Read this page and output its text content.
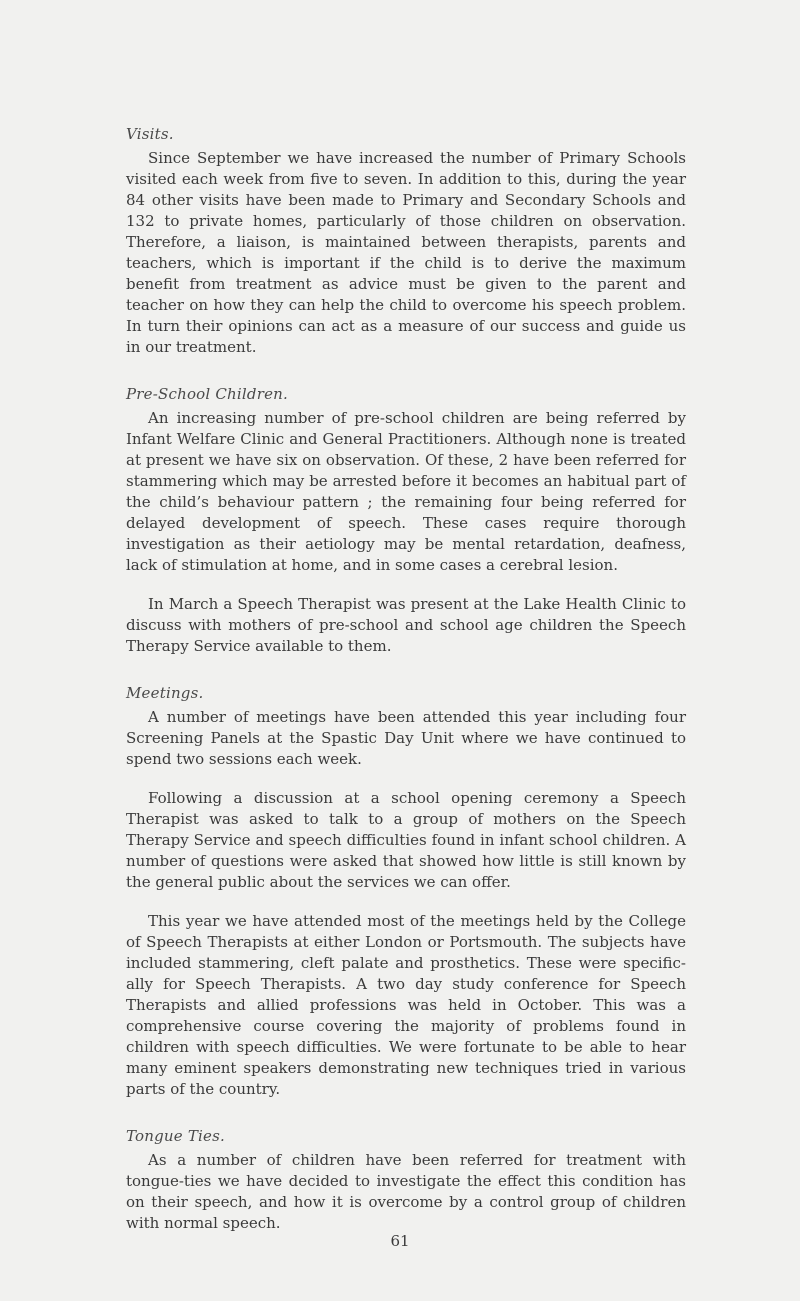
Visits.

Since September we have increased the number of Primary Schools visited each week from five to seven. In addition to this, during the year 84 other visits have been made to Primary and Secondary Schools and 132 to private homes, particularly of those children on observation. Therefore, a liaison, is maintained between therapists, parents and teachers, which is important if the child is to derive the maximum benefit from treatment as advice must be given to the parent and teacher on how they can help the child to overcome his speech problem. In turn their opinions can act as a measure of our success and guide us in our treatment.

Pre-School Children.

An increasing number of pre-school children are being referred by Infant Welfare Clinic and General Practitioners. Although none is treated at present we have six on observation. Of these, 2 have been referred for stammering which may be arrested before it becomes an habitual part of the child’s behaviour pattern ; the remaining four being referred for delayed development of speech. These cases require thorough investigation as their aetiology may be mental retardation, deafness, lack of stimulation at home, and in some cases a cerebral lesion.

In March a Speech Therapist was present at the Lake Health Clinic to discuss with mothers of pre-school and school age children the Speech Therapy Service available to them.

Meetings.

A number of meetings have been attended this year including four Screening Panels at the Spastic Day Unit where we have continued to spend two sessions each week.

Following a discussion at a school opening ceremony a Speech Therapist was asked to talk to a group of mothers on the Speech Therapy Service and speech difficulties found in infant school children. A number of questions were asked that showed how little is still known by the general public about the services we can offer.

This year we have attended most of the meetings held by the College of Speech Therapists at either London or Portsmouth. The subjects have included stammering, cleft palate and prosthetics. These were specific-ally for Speech Therapists. A two day study conference for Speech Therapists and allied professions was held in October. This was a comprehensive course covering the majority of problems found in children with speech difficulties. We were fortunate to be able to hear many eminent speakers demonstrating new techniques tried in various parts of the country.

Tongue Ties.

As a number of children have been referred for treatment with tongue-ties we have decided to investigate the effect this condition has on their speech, and how it is overcome by a control group of children with normal speech.

61
